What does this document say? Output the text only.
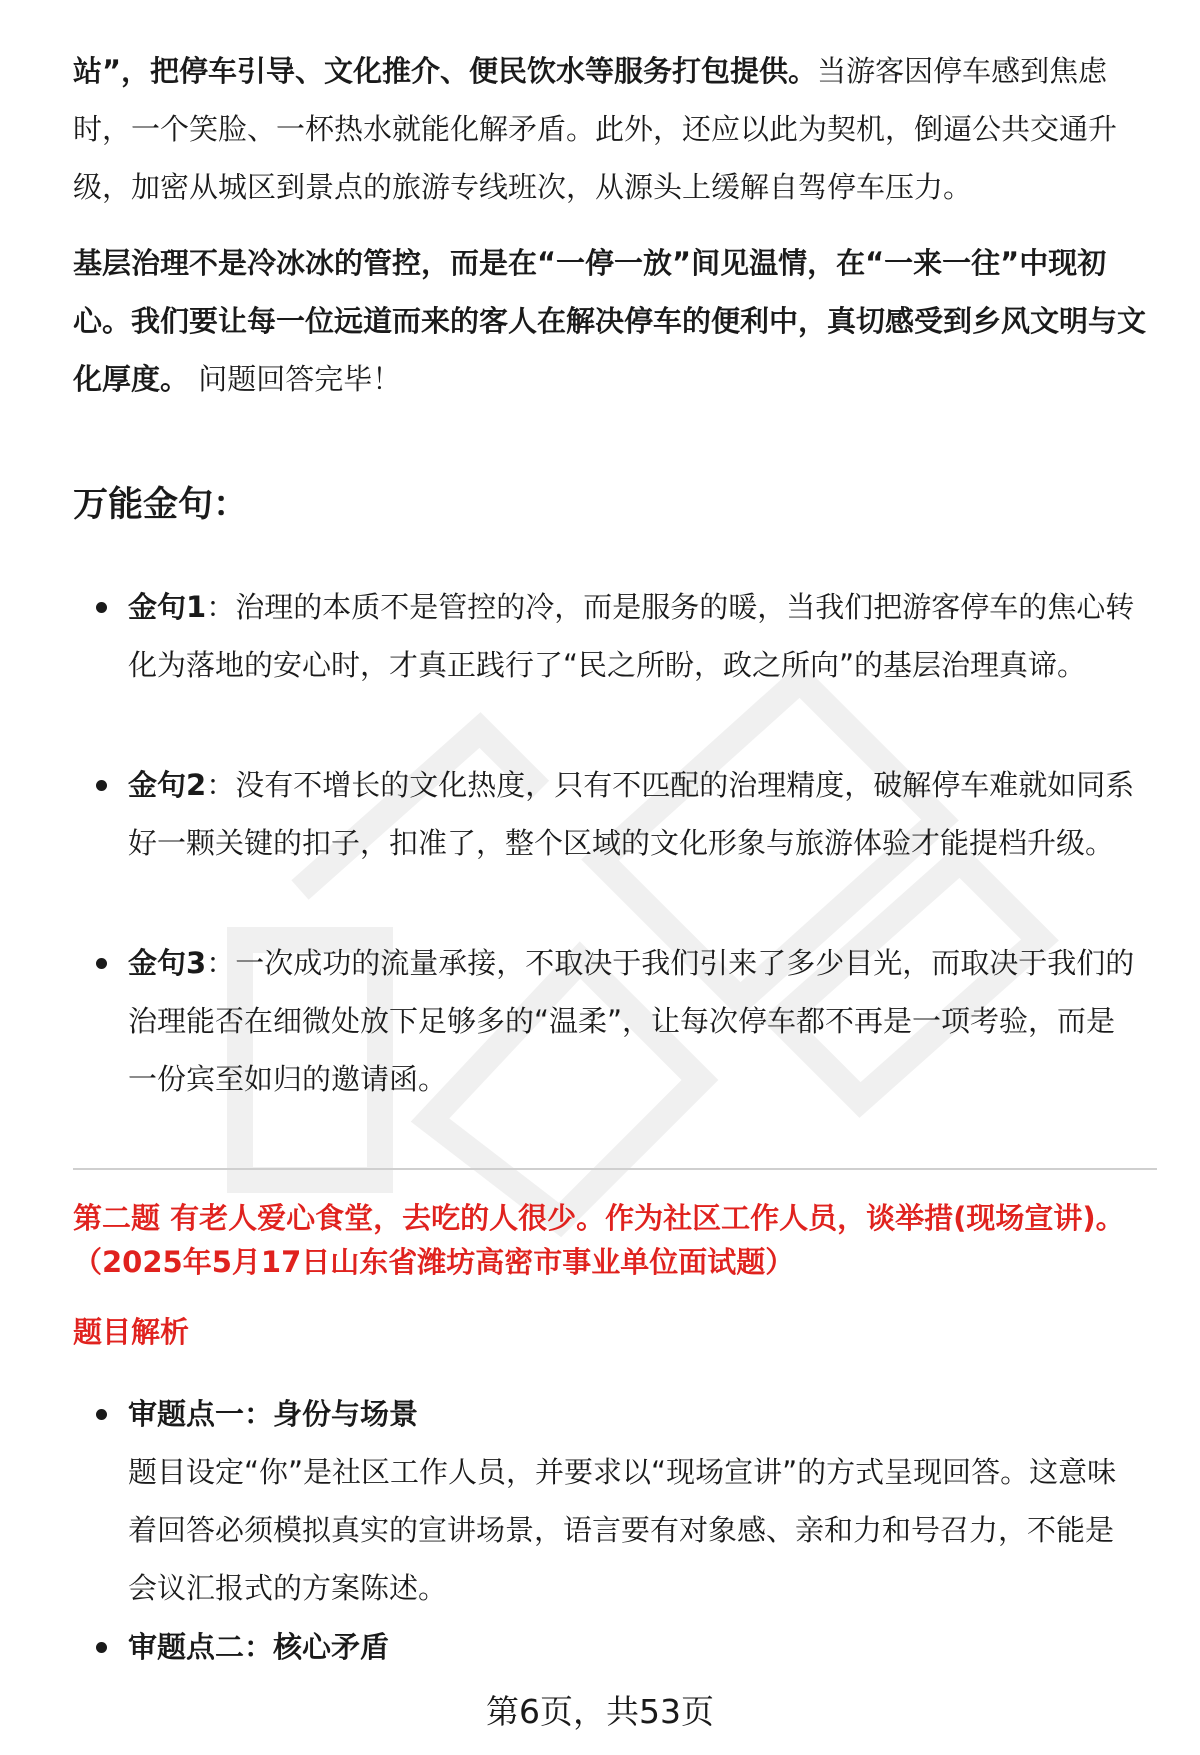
站”，把停车引导、文化推介、便民饮水等服务打包提供。当游客因停车感到焦虑时，一个笑脸、一杯热水就能化解矛盾。此外，还应以此为契机，倒逼公共交通升级，加密从城区到景点的旅游专线班次，从源头上缓解自驾停车压力。

基层治理不是冷冰冰的管控，而是在“一停一放”间见温情，在“一来一往”中现初心。我们要让每一位远道而来的客人在解决停车的便利中，真切感受到乡风文明与文化厚度。 问题回答完毕！

万能金句：

金句1：治理的本质不是管控的冷，而是服务的暖，当我们把游客停车的焦心转化为落地的安心时，才真正践行了“民之所盼，政之所向”的基层治理真谛。

金句2：没有不增长的文化热度，只有不匹配的治理精度，破解停车难就如同系好一颗关键的扣子，扣准了，整个区域的文化形象与旅游体验才能提档升级。

金句3：一次成功的流量承接，不取决于我们引来了多少目光，而取决于我们的治理能否在细微处放下足够多的“温柔”，让每次停车都不再是一项考验，而是一份宾至如归的邀请函。

第二题 有老人爱心食堂，去吃的人很少。作为社区工作人员，谈举措(现场宣讲)。（2025年5月17日山东省潍坊高密市事业单位面试题）

题目解析

审题点一：身份与场景
题目设定“你”是社区工作人员，并要求以“现场宣讲”的方式呈现回答。这意味着回答必须模拟真实的宣讲场景，语言要有对象感、亲和力和号召力，不能是会议汇报式的方案陈述。

审题点二：核心矛盾

第6页，共53页
